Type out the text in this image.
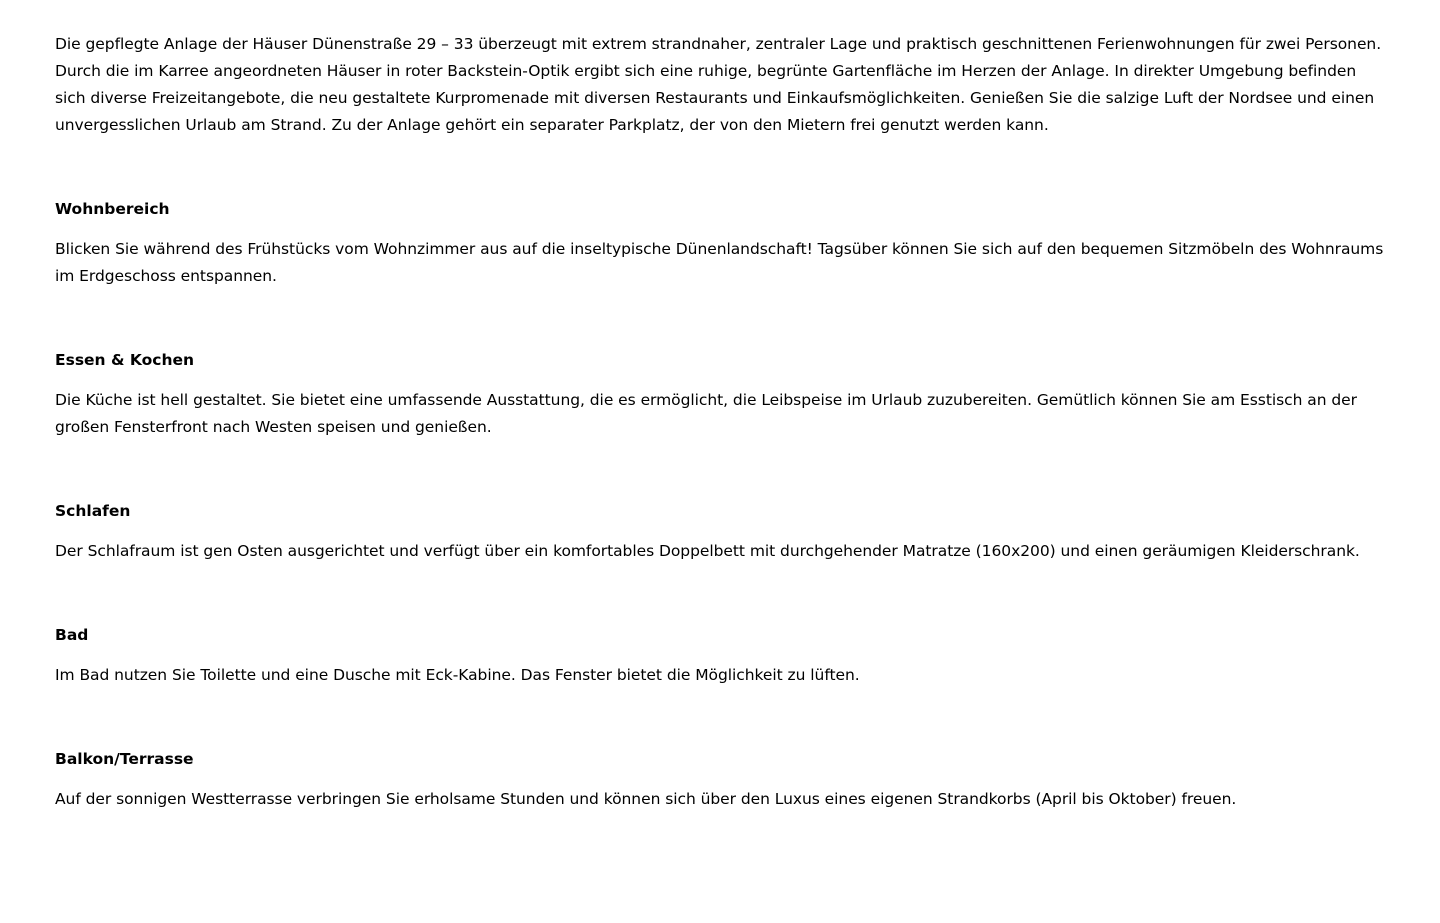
Die gepflegte Anlage der Häuser Dünenstraße 29 – 33 überzeugt mit extrem strandnaher, zentraler Lage und praktisch geschnittenen Ferienwohnungen für zwei Personen. Durch die im Karree angeordneten Häuser in roter Backstein-Optik ergibt sich eine ruhige, begrünte Gartenfläche im Herzen der Anlage. In direkter Umgebung befinden sich diverse Freizeitangebote, die neu gestaltete Kurpromenade mit diversen Restaurants und Einkaufsmöglichkeiten. Genießen Sie die salzige Luft der Nordsee und einen unvergesslichen Urlaub am Strand. Zu der Anlage gehört ein separater Parkplatz, der von den Mietern frei genutzt werden kann.

Wohnbereich

Blicken Sie während des Frühstücks vom Wohnzimmer aus auf die inseltypische Dünenlandschaft! Tagsüber können Sie sich auf den bequemen Sitzmöbeln des Wohnraums im Erdgeschoss entspannen.

Essen & Kochen

Die Küche ist hell gestaltet. Sie bietet eine umfassende Ausstattung, die es ermöglicht, die Leibspeise im Urlaub zuzubereiten. Gemütlich können Sie am Esstisch an der großen Fensterfront nach Westen speisen und genießen.

Schlafen

Der Schlafraum ist gen Osten ausgerichtet und verfügt über ein komfortables Doppelbett mit durchgehender Matratze (160x200) und einen geräumigen Kleiderschrank.

Bad

Im Bad nutzen Sie Toilette und eine Dusche mit Eck-Kabine. Das Fenster bietet die Möglichkeit zu lüften.

Balkon/Terrasse

Auf der sonnigen Westterrasse verbringen Sie erholsame Stunden und können sich über den Luxus eines eigenen Strandkorbs (April bis Oktober) freuen.
